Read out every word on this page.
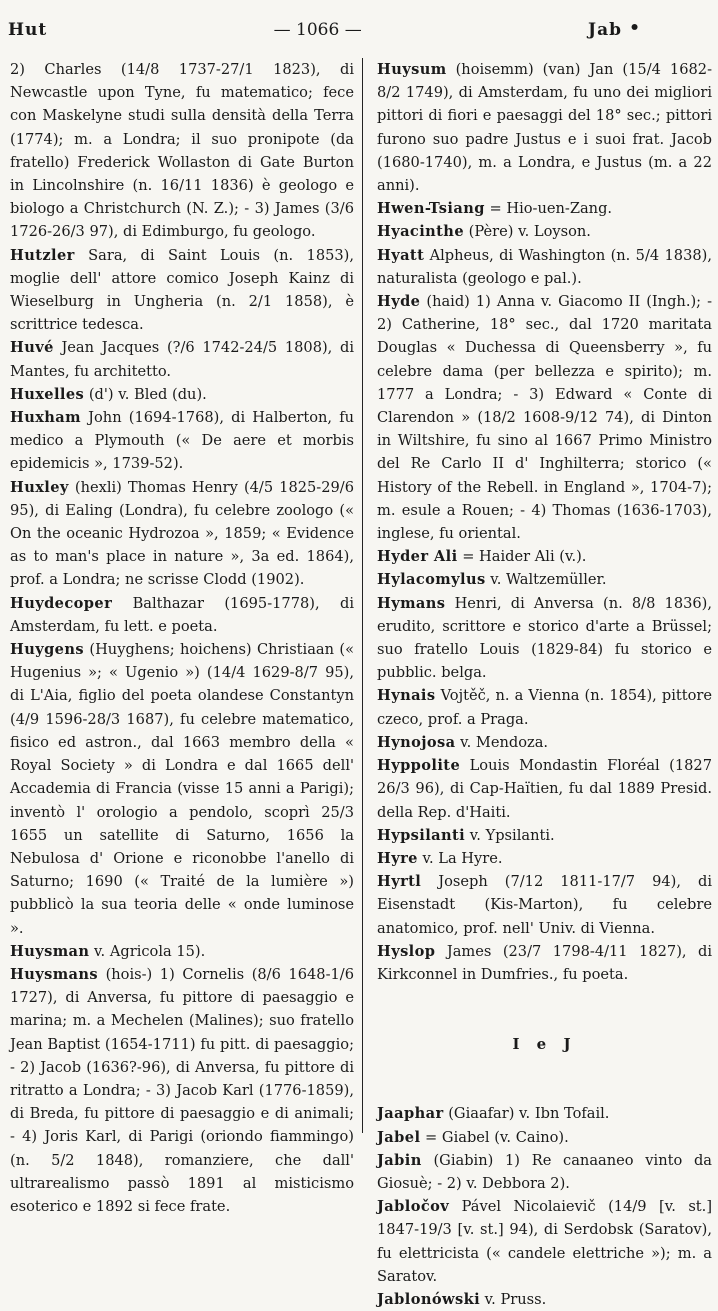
Hut	— 1066 —	Jab •

2) Charles (14/8 1737-27/1 1823), di Newcastle upon Tyne, fu matematico; fece con Maskelyne studi sulla densità della Terra (1774); m. a Londra; il suo pronipote (da fratello) Frederick Wollaston di Gate Burton in Lincolnshire (n. 16/11 1836) è geologo e biologo a Christchurch (N. Z.); - 3) James (3/6 1726-26/3 97), di Edimburgo, fu geologo.

Hutzler Sara, di Saint Louis (n. 1853), moglie dell' attore comico Joseph Kainz di Wieselburg in Ungheria (n. 2/1 1858), è scrittrice tedesca.

Huvé Jean Jacques (?/6 1742-24/5 1808), di Mantes, fu architetto.

Huxelles (d') v. Bled (du).

Huxham John (1694-1768), di Halberton, fu medico a Plymouth (« De aere et morbis epidemicis », 1739-52).

Huxley (hexli) Thomas Henry (4/5 1825-29/6 95), di Ealing (Londra), fu celebre zoologo (« On the oceanic Hydrozoa », 1859; « Evidence as to man's place in nature », 3a ed. 1864), prof. a Londra; ne scrisse Clodd (1902).

Huydecoper Balthazar (1695-1778), di Amsterdam, fu lett. e poeta.

Huygens (Huyghens; hoichens) Christiaan (« Hugenius »; « Ugenio ») (14/4 1629-8/7 95), di L'Aia, figlio del poeta olandese Constantyn (4/9 1596-28/3 1687), fu celebre matematico, fisico ed astron., dal 1663 membro della « Royal Society » di Londra e dal 1665 dell' Accademia di Francia (visse 15 anni a Parigi); inventò l' orologio a pendolo, scoprì 25/3 1655 un satellite di Saturno, 1656 la Nebulosa d' Orione e riconobbe l'anello di Saturno; 1690 (« Traité de la lumière ») pubblicò la sua teoria delle « onde luminose ».

Huysman v. Agricola 15).

Huysmans (hois-) 1) Cornelis (8/6 1648-1/6 1727), di Anversa, fu pittore di paesaggio e marina; m. a Mechelen (Malines); suo fratello Jean Baptist (1654-1711) fu pitt. di paesaggio; - 2) Jacob (1636?-96), di Anversa, fu pittore di ritratto a Londra; - 3) Jacob Karl (1776-1859), di Breda, fu pittore di paesaggio e di animali; - 4) Joris Karl, di Parigi (oriondo fiammingo) (n. 5/2 1848), romanziere, che dall' ultrarealismo passò 1891 al misticismo esoterico e 1892 si fece frate.

Huysum (hoisemm) (van) Jan (15/4 1682-8/2 1749), di Amsterdam, fu uno dei migliori pittori di fiori e paesaggi del 18° sec.; pittori furono suo padre Justus e i suoi frat. Jacob (1680-1740), m. a Londra, e Justus (m. a 22 anni).

Hwen-Tsiang = Hio-uen-Zang.

Hyacinthe (Père) v. Loyson.

Hyatt Alpheus, di Washington (n. 5/4 1838), naturalista (geologo e pal.).

Hyde (haid) 1) Anna v. Giacomo II (Ingh.); - 2) Catherine, 18° sec., dal 1720 maritata Douglas « Duchessa di Queensberry », fu celebre dama (per bellezza e spirito); m. 1777 a Londra; - 3) Edward « Conte di Clarendon » (18/2 1608-9/12 74), di Dinton in Wiltshire, fu sino al 1667 Primo Ministro del Re Carlo II d' Inghilterra; storico (« History of the Rebell. in England », 1704-7); m. esule a Rouen; - 4) Thomas (1636-1703), inglese, fu oriental.

Hyder Ali = Haider Ali (v.).

Hylacomylus v. Waltzemüller.

Hymans Henri, di Anversa (n. 8/8 1836), erudito, scrittore e storico d'arte a Brüssel; suo fratello Louis (1829-84) fu storico e pubblic. belga.

Hynais Vojtěč, n. a Vienna (n. 1854), pittore czeco, prof. a Praga.

Hynojosa v. Mendoza.

Hyppolite Louis Mondastin Floréal (1827 26/3 96), di Cap-Haïtien, fu dal 1889 Presid. della Rep. d'Haiti.

Hypsilanti v. Ypsilanti.

Hyre v. La Hyre.

Hyrtl Joseph (7/12 1811-17/7 94), di Eisenstadt (Kis-Marton), fu celebre anatomico, prof. nell' Univ. di Vienna.

Hyslop James (23/7 1798-4/11 1827), di Kirkconnel in Dumfries., fu poeta.

I e J

Jaaphar (Giaafar) v. Ibn Tofail.

Jabel = Giabel (v. Caino).

Jabin (Giabin) 1) Re canaaneo vinto da Giosuè; - 2) v. Debbora 2).

Jabločov Pável Nicolaievič (14/9 [v. st.] 1847-19/3 [v. st.] 94), di Serdobsk (Saratov), fu elettricista (« candele elettriche »); m. a Saratov.

Jablonówski v. Pruss.
